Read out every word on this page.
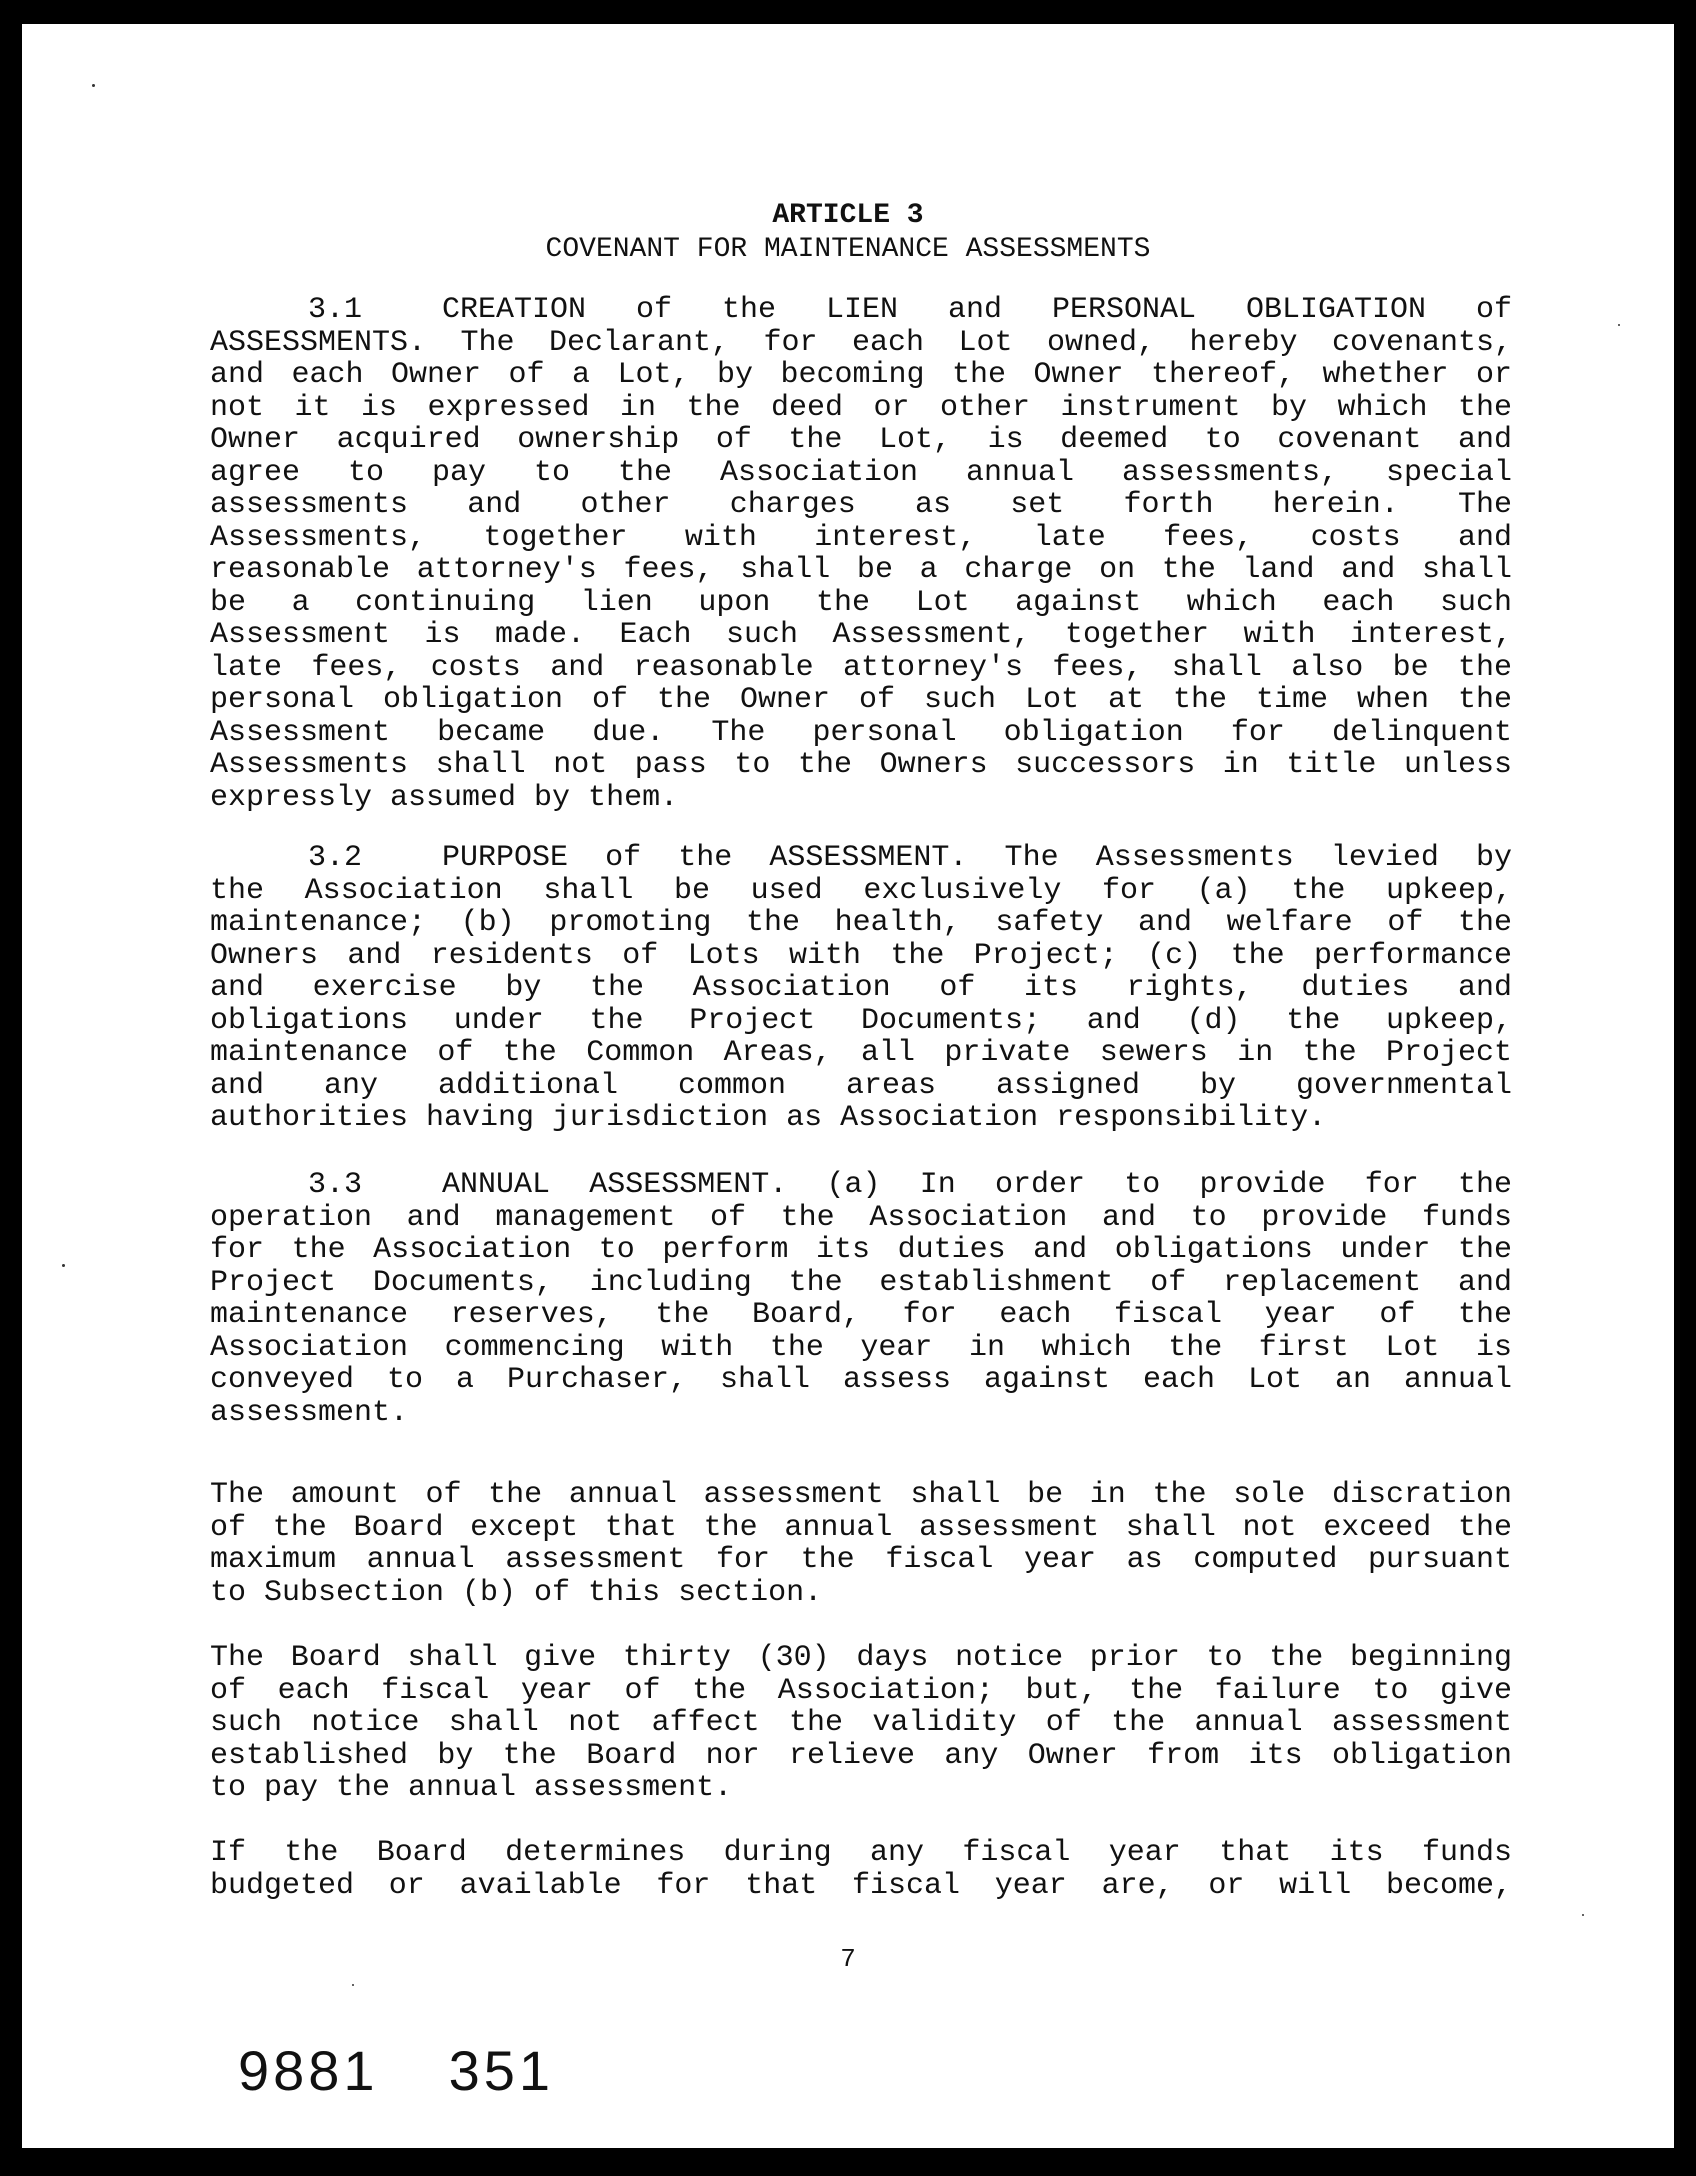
ARTICLE 3
COVENANT FOR MAINTENANCE ASSESSMENTS
3.1	CREATION of the LIEN and PERSONAL OBLIGATION of
ASSESSMENTS. The Declarant, for each Lot owned, hereby covenants,
and each Owner of a Lot, by becoming the Owner thereof, whether or
not it is expressed in the deed or other instrument by which the
Owner acquired ownership of the Lot, is deemed to covenant and
agree to pay to the Association annual assessments, special
assessments and other charges as set forth herein. The
Assessments, together with interest, late fees, costs and
reasonable attorney's fees, shall be a charge on the land and shall
be a continuing lien upon the Lot against which each such
Assessment is made. Each such Assessment, together with interest,
late fees, costs and reasonable attorney's fees, shall also be the
personal obligation of the Owner of such Lot at the time when the
Assessment became due. The personal obligation for delinquent
Assessments shall not pass to the Owners successors in title unless
expressly assumed by them.
3.2	PURPOSE of the ASSESSMENT. The Assessments levied by
the Association shall be used exclusively for (a) the upkeep,
maintenance; (b) promoting the health, safety and welfare of the
Owners and residents of Lots with the Project; (c) the performance
and exercise by the Association of its rights, duties and
obligations under the Project Documents; and (d) the upkeep,
maintenance of the Common Areas, all private sewers in the Project
and any additional common areas assigned by governmental
authorities having jurisdiction as Association responsibility.
3.3	ANNUAL ASSESSMENT. (a) In order to provide for the
operation and management of the Association and to provide funds
for the Association to perform its duties and obligations under the
Project Documents, including the establishment of replacement and
maintenance reserves, the Board, for each fiscal year of the
Association commencing with the year in which the first Lot is
conveyed to a Purchaser, shall assess against each Lot an annual
assessment.
The amount of the annual assessment shall be in the sole discration
of the Board except that the annual assessment shall not exceed the
maximum annual assessment for the fiscal year as computed pursuant
to Subsection (b) of this section.
The Board shall give thirty (30) days notice prior to the beginning
of each fiscal year of the Association; but, the failure to give
such notice shall not affect the validity of the annual assessment
established by the Board nor relieve any Owner from its obligation
to pay the annual assessment.
If the Board determines during any fiscal year that its funds
budgeted or available for that fiscal year are, or will become,
7
9881 351
